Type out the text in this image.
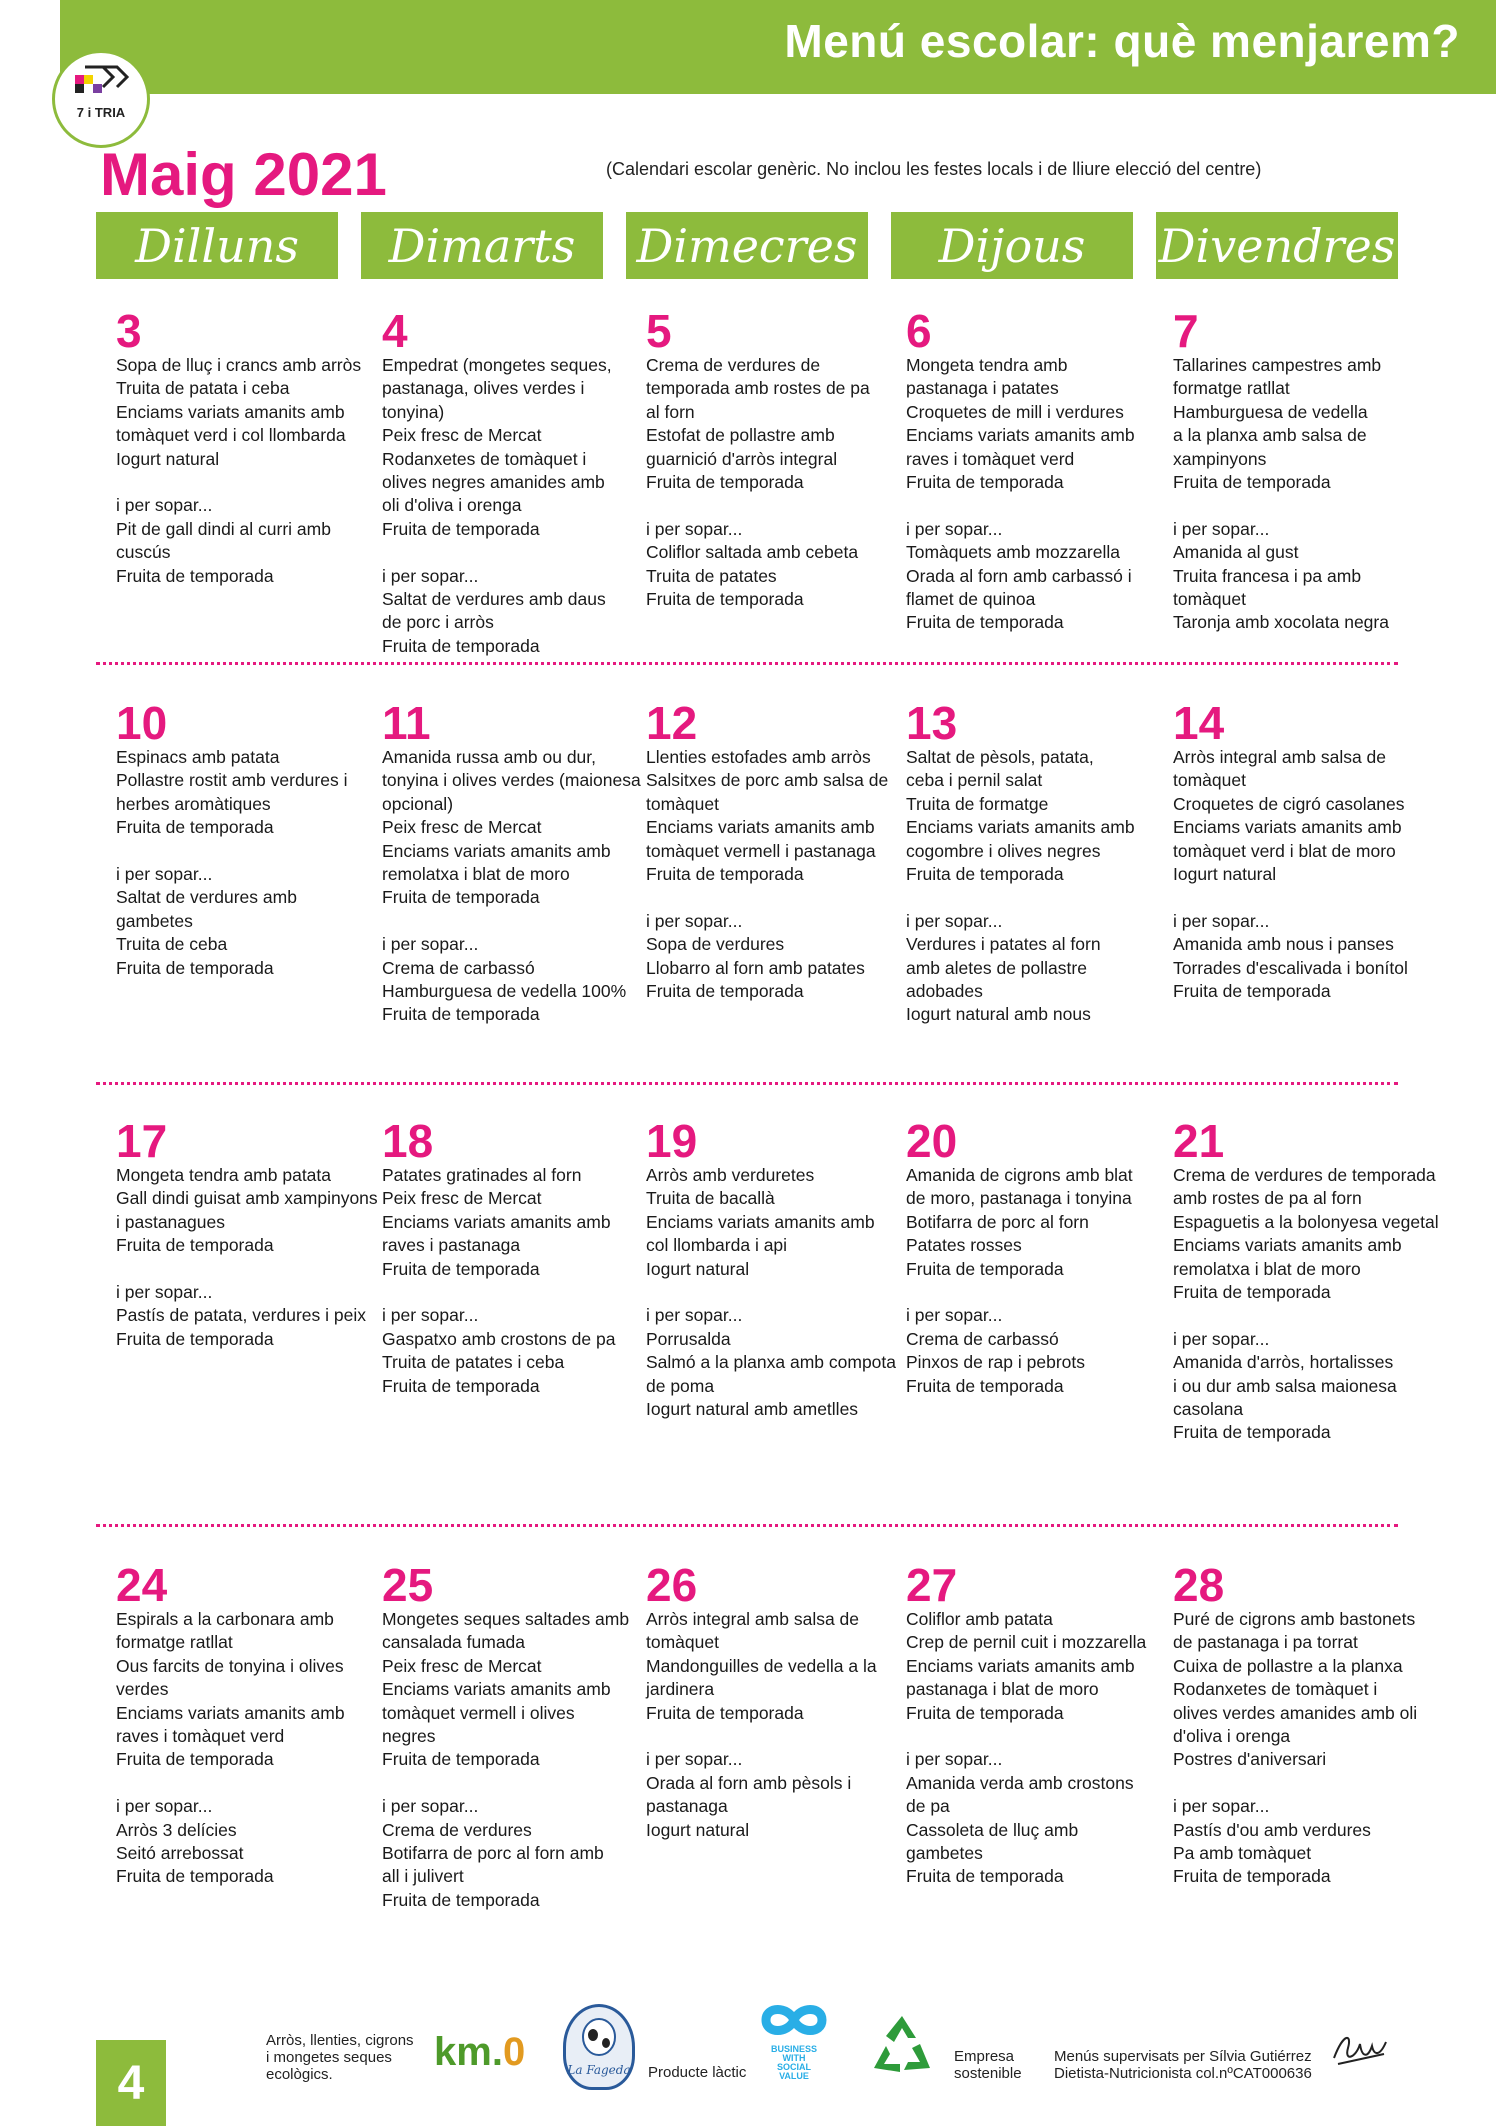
Menú escolar: què menjarem?
7 i TRIA
Maig 2021	(Calendari escolar genèric. No inclou les festes locals i de lliure elecció del centre)
Dilluns	Dimarts	Dimecres	Dijous	Divendres
3
Sopa de lluç i crancs amb arròs
Truita de patata i ceba
Enciams variats amanits amb
tomàquet verd i col llombarda
Iogurt natural
i per sopar...
Pit de gall dindi al curri amb
cuscús
Fruita de temporada
4
Empedrat (mongetes seques,
pastanaga, olives verdes i
tonyina)
Peix fresc de Mercat
Rodanxetes de tomàquet i
olives negres amanides amb
oli d'oliva i orenga
Fruita de temporada
i per sopar...
Saltat de verdures amb daus
de porc i arròs
Fruita de temporada
5
Crema de verdures de
temporada amb rostes de pa
al forn
Estofat de pollastre amb
guarnició d'arròs integral
Fruita de temporada
i per sopar...
Coliflor saltada amb cebeta
Truita de patates
Fruita de temporada
6
Mongeta tendra amb
pastanaga i patates
Croquetes de mill i verdures
Enciams variats amanits amb
raves i tomàquet verd
Fruita de temporada
i per sopar...
Tomàquets amb mozzarella
Orada al forn amb carbassó i
flamet de quinoa
Fruita de temporada
7
Tallarines campestres amb
formatge ratllat
Hamburguesa de vedella
a la planxa amb salsa de
xampinyons
Fruita de temporada
i per sopar...
Amanida al gust
Truita francesa i pa amb
tomàquet
Taronja amb xocolata negra
10
Espinacs amb patata
Pollastre rostit amb verdures i
herbes aromàtiques
Fruita de temporada
i per sopar...
Saltat de verdures amb
gambetes
Truita de ceba
Fruita de temporada
11
Amanida russa amb ou dur,
tonyina i olives verdes (maionesa
opcional)
Peix fresc de Mercat
Enciams variats amanits amb
remolatxa i blat de moro
Fruita de temporada
i per sopar...
Crema de carbassó
Hamburguesa de vedella 100%
Fruita de temporada
12
Llenties estofades amb arròs
Salsitxes de porc amb salsa de
tomàquet
Enciams variats amanits amb
tomàquet vermell i pastanaga
Fruita de temporada
i per sopar...
Sopa de verdures
Llobarro al forn amb patates
Fruita de temporada
13
Saltat de pèsols, patata,
ceba i pernil salat
Truita de formatge
Enciams variats amanits amb
cogombre i olives negres
Fruita de temporada
i per sopar...
Verdures i patates al forn
amb aletes de pollastre
adobades
Iogurt natural amb nous
14
Arròs integral amb salsa de
tomàquet
Croquetes de cigró casolanes
Enciams variats amanits amb
tomàquet verd i blat de moro
Iogurt natural
i per sopar...
Amanida amb nous i panses
Torrades d'escalivada i bonítol
Fruita de temporada
17
Mongeta tendra amb patata
Gall dindi guisat amb xampinyons
i pastanagues
Fruita de temporada
i per sopar...
Pastís de patata, verdures i peix
Fruita de temporada
18
Patates gratinades al forn
Peix fresc de Mercat
Enciams variats amanits amb
raves i pastanaga
Fruita de temporada
i per sopar...
Gaspatxo amb crostons de pa
Truita de patates i ceba
Fruita de temporada
19
Arròs amb verduretes
Truita de bacallà
Enciams variats amanits amb
col llombarda i api
Iogurt natural
i per sopar...
Porrusalda
Salmó a la planxa amb compota
de poma
Iogurt natural amb ametlles
20
Amanida de cigrons amb blat
de moro, pastanaga i tonyina
Botifarra de porc al forn
Patates rosses
Fruita de temporada
i per sopar...
Crema de carbassó
Pinxos de rap i pebrots
Fruita de temporada
21
Crema de verdures de temporada
amb rostes de pa al forn
Espaguetis a la bolonyesa vegetal
Enciams variats amanits amb
remolatxa i blat de moro
Fruita de temporada
i per sopar...
Amanida d'arròs, hortalisses
i ou dur amb salsa maionesa
casolana
Fruita de temporada
24
Espirals a la carbonara amb
formatge ratllat
Ous farcits de tonyina i olives
verdes
Enciams variats amanits amb
raves i tomàquet verd
Fruita de temporada
i per sopar...
Arròs 3 delícies
Seitó arrebossat
Fruita de temporada
25
Mongetes seques saltades amb
cansalada fumada
Peix fresc de Mercat
Enciams variats amanits amb
tomàquet vermell i olives
negres
Fruita de temporada
i per sopar...
Crema de verdures
Botifarra de porc al forn amb
all i julivert
Fruita de temporada
26
Arròs integral amb salsa de
tomàquet
Mandonguilles de vedella a la
jardinera
Fruita de temporada
i per sopar...
Orada al forn amb pèsols i
pastanaga
Iogurt natural
27
Coliflor amb patata
Crep de pernil cuit i mozzarella
Enciams variats amanits amb
pastanaga i blat de moro
Fruita de temporada
i per sopar...
Amanida verda amb crostons
de pa
Cassoleta de lluç amb
gambetes
Fruita de temporada
28
Puré de cigrons amb bastonets
de pastanaga i pa torrat
Cuixa de pollastre a la planxa
Rodanxetes de tomàquet i
olives verdes amanides amb oli
d'oliva i orenga
Postres d'aniversari
i per sopar...
Pastís d'ou amb verdures
Pa amb tomàquet
Fruita de temporada
4
Arròs, llenties, cigrons
i mongetes seques
ecològics.
km.0	La Fageda Producte làctic
BUSINESS
WITH
SOCIAL
VALUE
Empresa
sostenible
Menús supervisats per Sílvia Gutiérrez
Dietista-Nutricionista col.nºCAT000636
